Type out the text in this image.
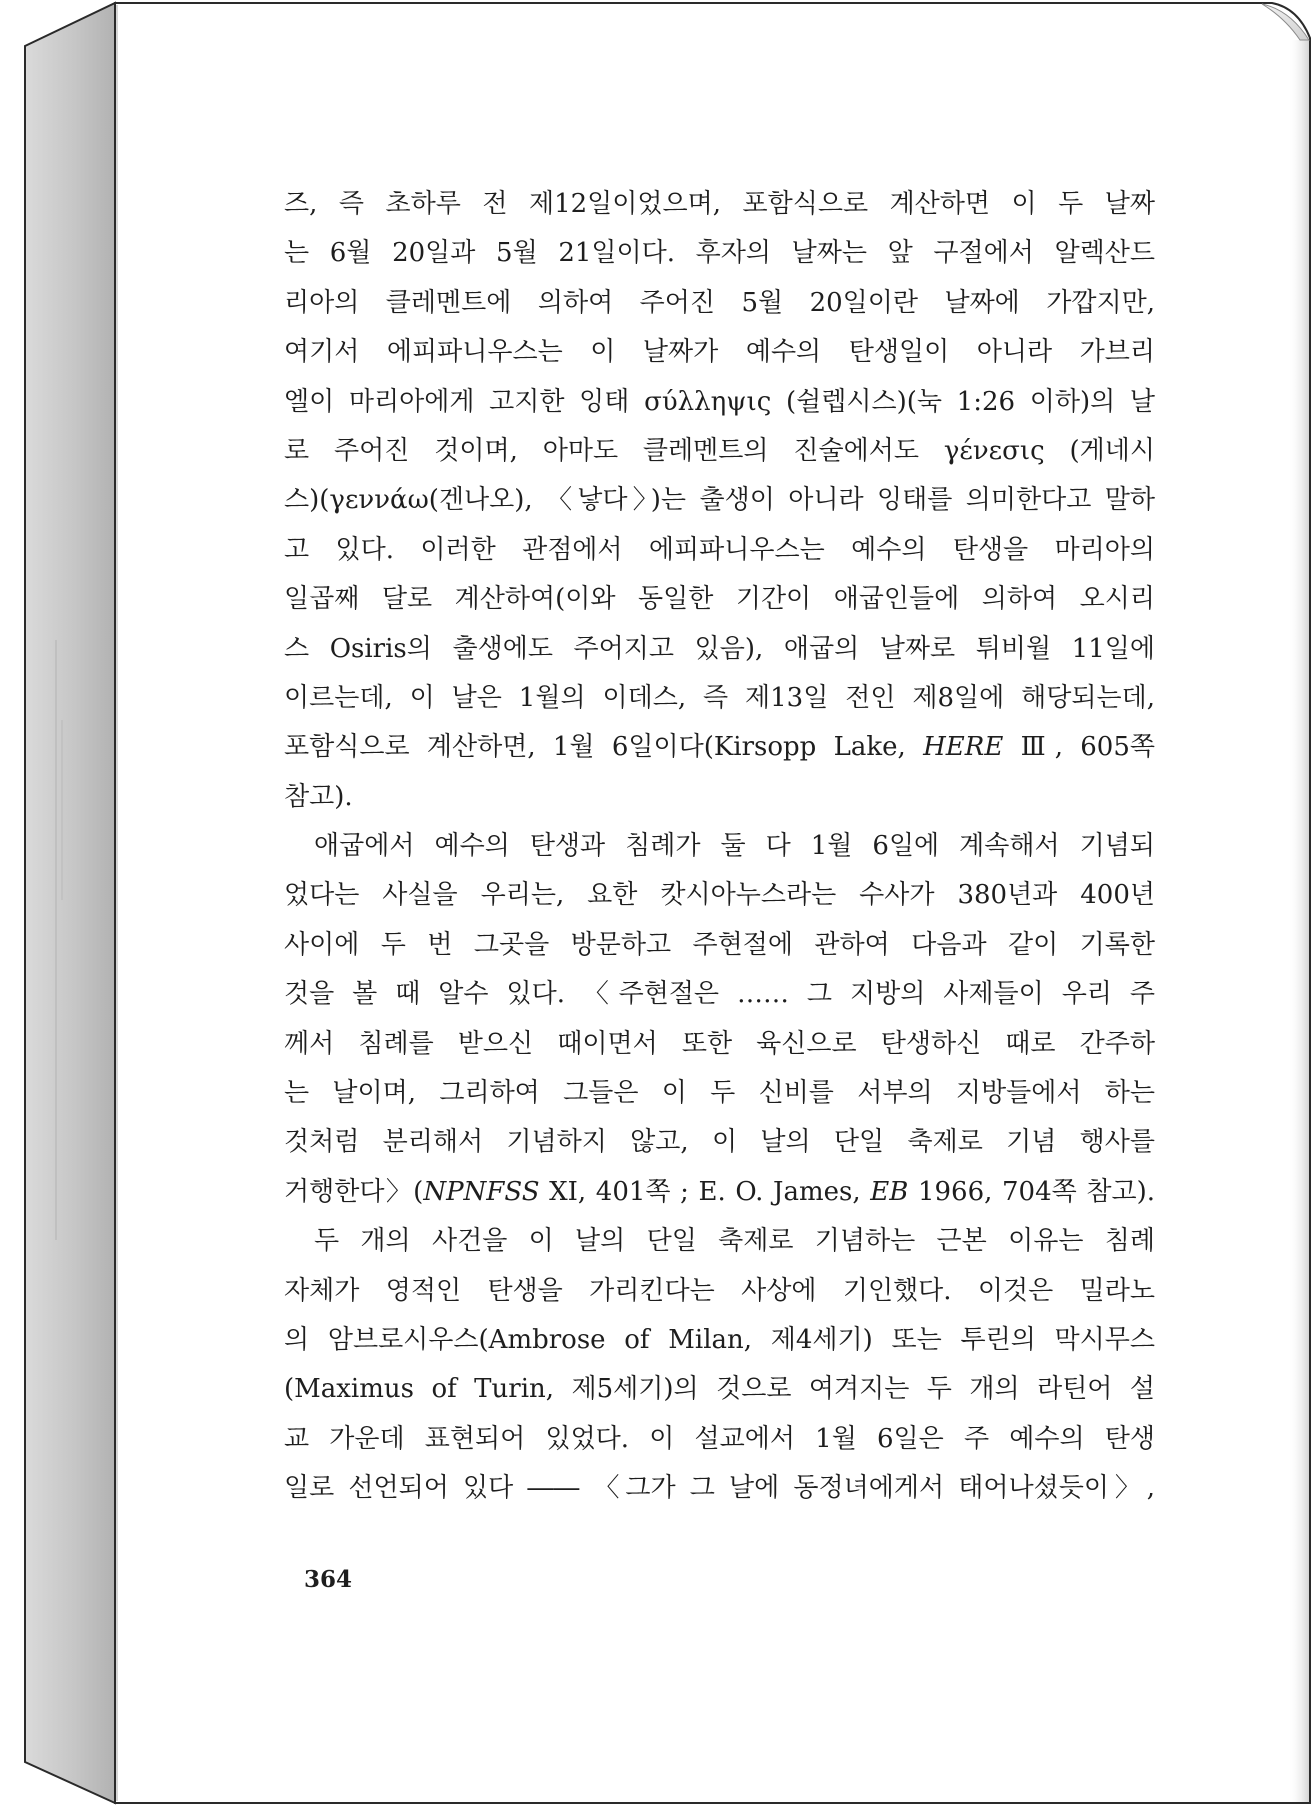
즈, 즉 초하루 전 제12일이었으며, 포함식으로 계산하면 이 두 날짜
는 6월 20일과 5월 21일이다. 후자의 날짜는 앞 구절에서 알렉산드
리아의 클레멘트에 의하여 주어진 5월 20일이란 날짜에 가깝지만,
여기서 에피파니우스는 이 날짜가 예수의 탄생일이 아니라 가브리
엘이 마리아에게 고지한 잉태 σύλληψις (쉴렙시스)(눅 1:26 이하)의 날
로 주어진 것이며, 아마도 클레멘트의 진술에서도 γένεσις (게네시
스)(γεννάω(겐나오), 〈낳다〉)는 출생이 아니라 잉태를 의미한다고 말하
고 있다. 이러한 관점에서 에피파니우스는 예수의 탄생을 마리아의
일곱째 달로 계산하여(이와 동일한 기간이 애굽인들에 의하여 오시리
스 Osiris의 출생에도 주어지고 있음), 애굽의 날짜로 튀비월 11일에
이르는데, 이 날은 1월의 이데스, 즉 제13일 전인 제8일에 해당되는데,
포함식으로 계산하면, 1월 6일이다(Kirsopp Lake, HERE Ⅲ, 605쪽
참고).
애굽에서 예수의 탄생과 침례가 둘 다 1월 6일에 계속해서 기념되
었다는 사실을 우리는, 요한 캇시아누스라는 수사가 380년과 400년
사이에 두 번 그곳을 방문하고 주현절에 관하여 다음과 같이 기록한
것을 볼 때 알수 있다. 〈주현절은 …… 그 지방의 사제들이 우리 주
께서 침례를 받으신 때이면서 또한 육신으로 탄생하신 때로 간주하
는 날이며, 그리하여 그들은 이 두 신비를 서부의 지방들에서 하는
것처럼 분리해서 기념하지 않고, 이 날의 단일 축제로 기념 행사를
거행한다〉(NPNFSS XI, 401쪽 ; E. O. James, EB 1966, 704쪽 참고).
두 개의 사건을 이 날의 단일 축제로 기념하는 근본 이유는 침례
자체가 영적인 탄생을 가리킨다는 사상에 기인했다. 이것은 밀라노
의 암브로시우스(Ambrose of Milan, 제4세기) 또는 투린의 막시무스
(Maximus of Turin, 제5세기)의 것으로 여겨지는 두 개의 라틴어 설
교 가운데 표현되어 있었다. 이 설교에서 1월 6일은 주 예수의 탄생
일로 선언되어 있다 ―― 〈그가 그 날에 동정녀에게서 태어나셨듯이〉,
364
